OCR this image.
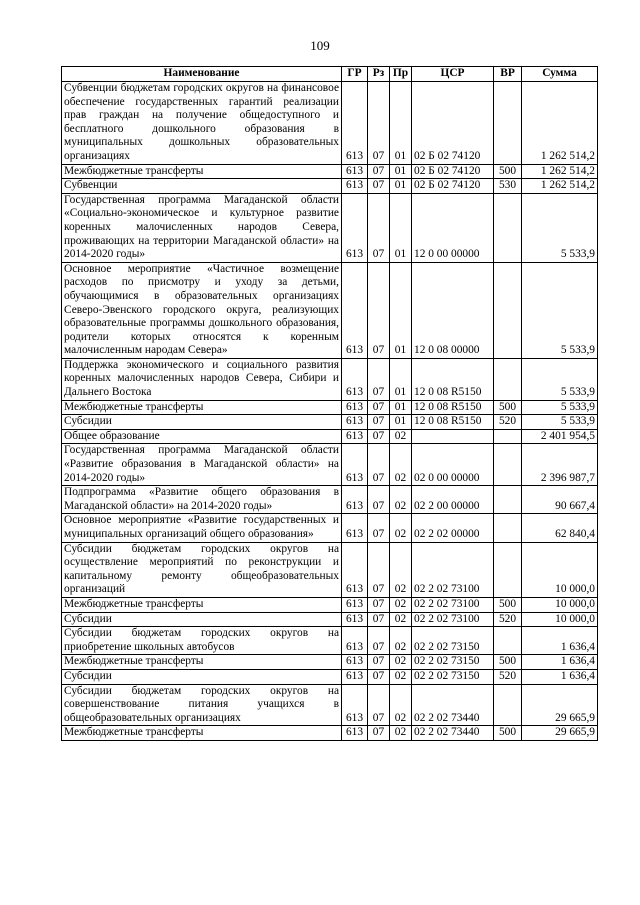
109
Наименование	ГР	Рз	Пр	ЦСР	ВР	Сумма
Субвенции бюджетам городских округов на финансовое обеспечение государственных гарантий реализации прав граждан на получение общедоступного и бесплатного дошкольного образования в муниципальных дошкольных образовательных организациях	613	07	01	02 Б 02 74120		1 262 514,2
Межбюджетные трансферты	613	07	01	02 Б 02 74120	500	1 262 514,2
Субвенции	613	07	01	02 Б 02 74120	530	1 262 514,2
Государственная программа Магаданской области «Социально-экономическое и культурное развитие коренных малочисленных народов Севера, проживающих на территории Магаданской области» на 2014-2020 годы»	613	07	01	12 0 00 00000		5 533,9
Основное мероприятие «Частичное возмещение расходов по присмотру и уходу за детьми, обучающимися в образовательных организациях Северо-Эвенского городского округа, реализующих образовательные программы дошкольного образования, родители которых относятся к коренным малочисленным народам Севера»	613	07	01	12 0 08 00000		5 533,9
Поддержка экономического и социального развития коренных малочисленных народов Севера, Сибири и Дальнего Востока	613	07	01	12 0 08 R5150		5 533,9
Межбюджетные трансферты	613	07	01	12 0 08 R5150	500	5 533,9
Субсидии	613	07	01	12 0 08 R5150	520	5 533,9
Общее образование	613	07	02			2 401 954,5
Государственная программа Магаданской области «Развитие образования в Магаданской области» на 2014-2020 годы»	613	07	02	02 0 00 00000		2 396 987,7
Подпрограмма «Развитие общего образования в Магаданской области» на 2014-2020 годы»	613	07	02	02 2 00 00000		90 667,4
Основное мероприятие «Развитие государственных и муниципальных организаций общего образования»	613	07	02	02 2 02 00000		62 840,4
Субсидии бюджетам городских округов на осуществление мероприятий по реконструкции и капитальному ремонту общеобразовательных организаций	613	07	02	02 2 02 73100		10 000,0
Межбюджетные трансферты	613	07	02	02 2 02 73100	500	10 000,0
Субсидии	613	07	02	02 2 02 73100	520	10 000,0
Субсидии бюджетам городских округов на приобретение школьных автобусов	613	07	02	02 2 02 73150		1 636,4
Межбюджетные трансферты	613	07	02	02 2 02 73150	500	1 636,4
Субсидии	613	07	02	02 2 02 73150	520	1 636,4
Субсидии бюджетам городских округов на совершенствование питания учащихся в общеобразовательных организациях	613	07	02	02 2 02 73440		29 665,9
Межбюджетные трансферты	613	07	02	02 2 02 73440	500	29 665,9
